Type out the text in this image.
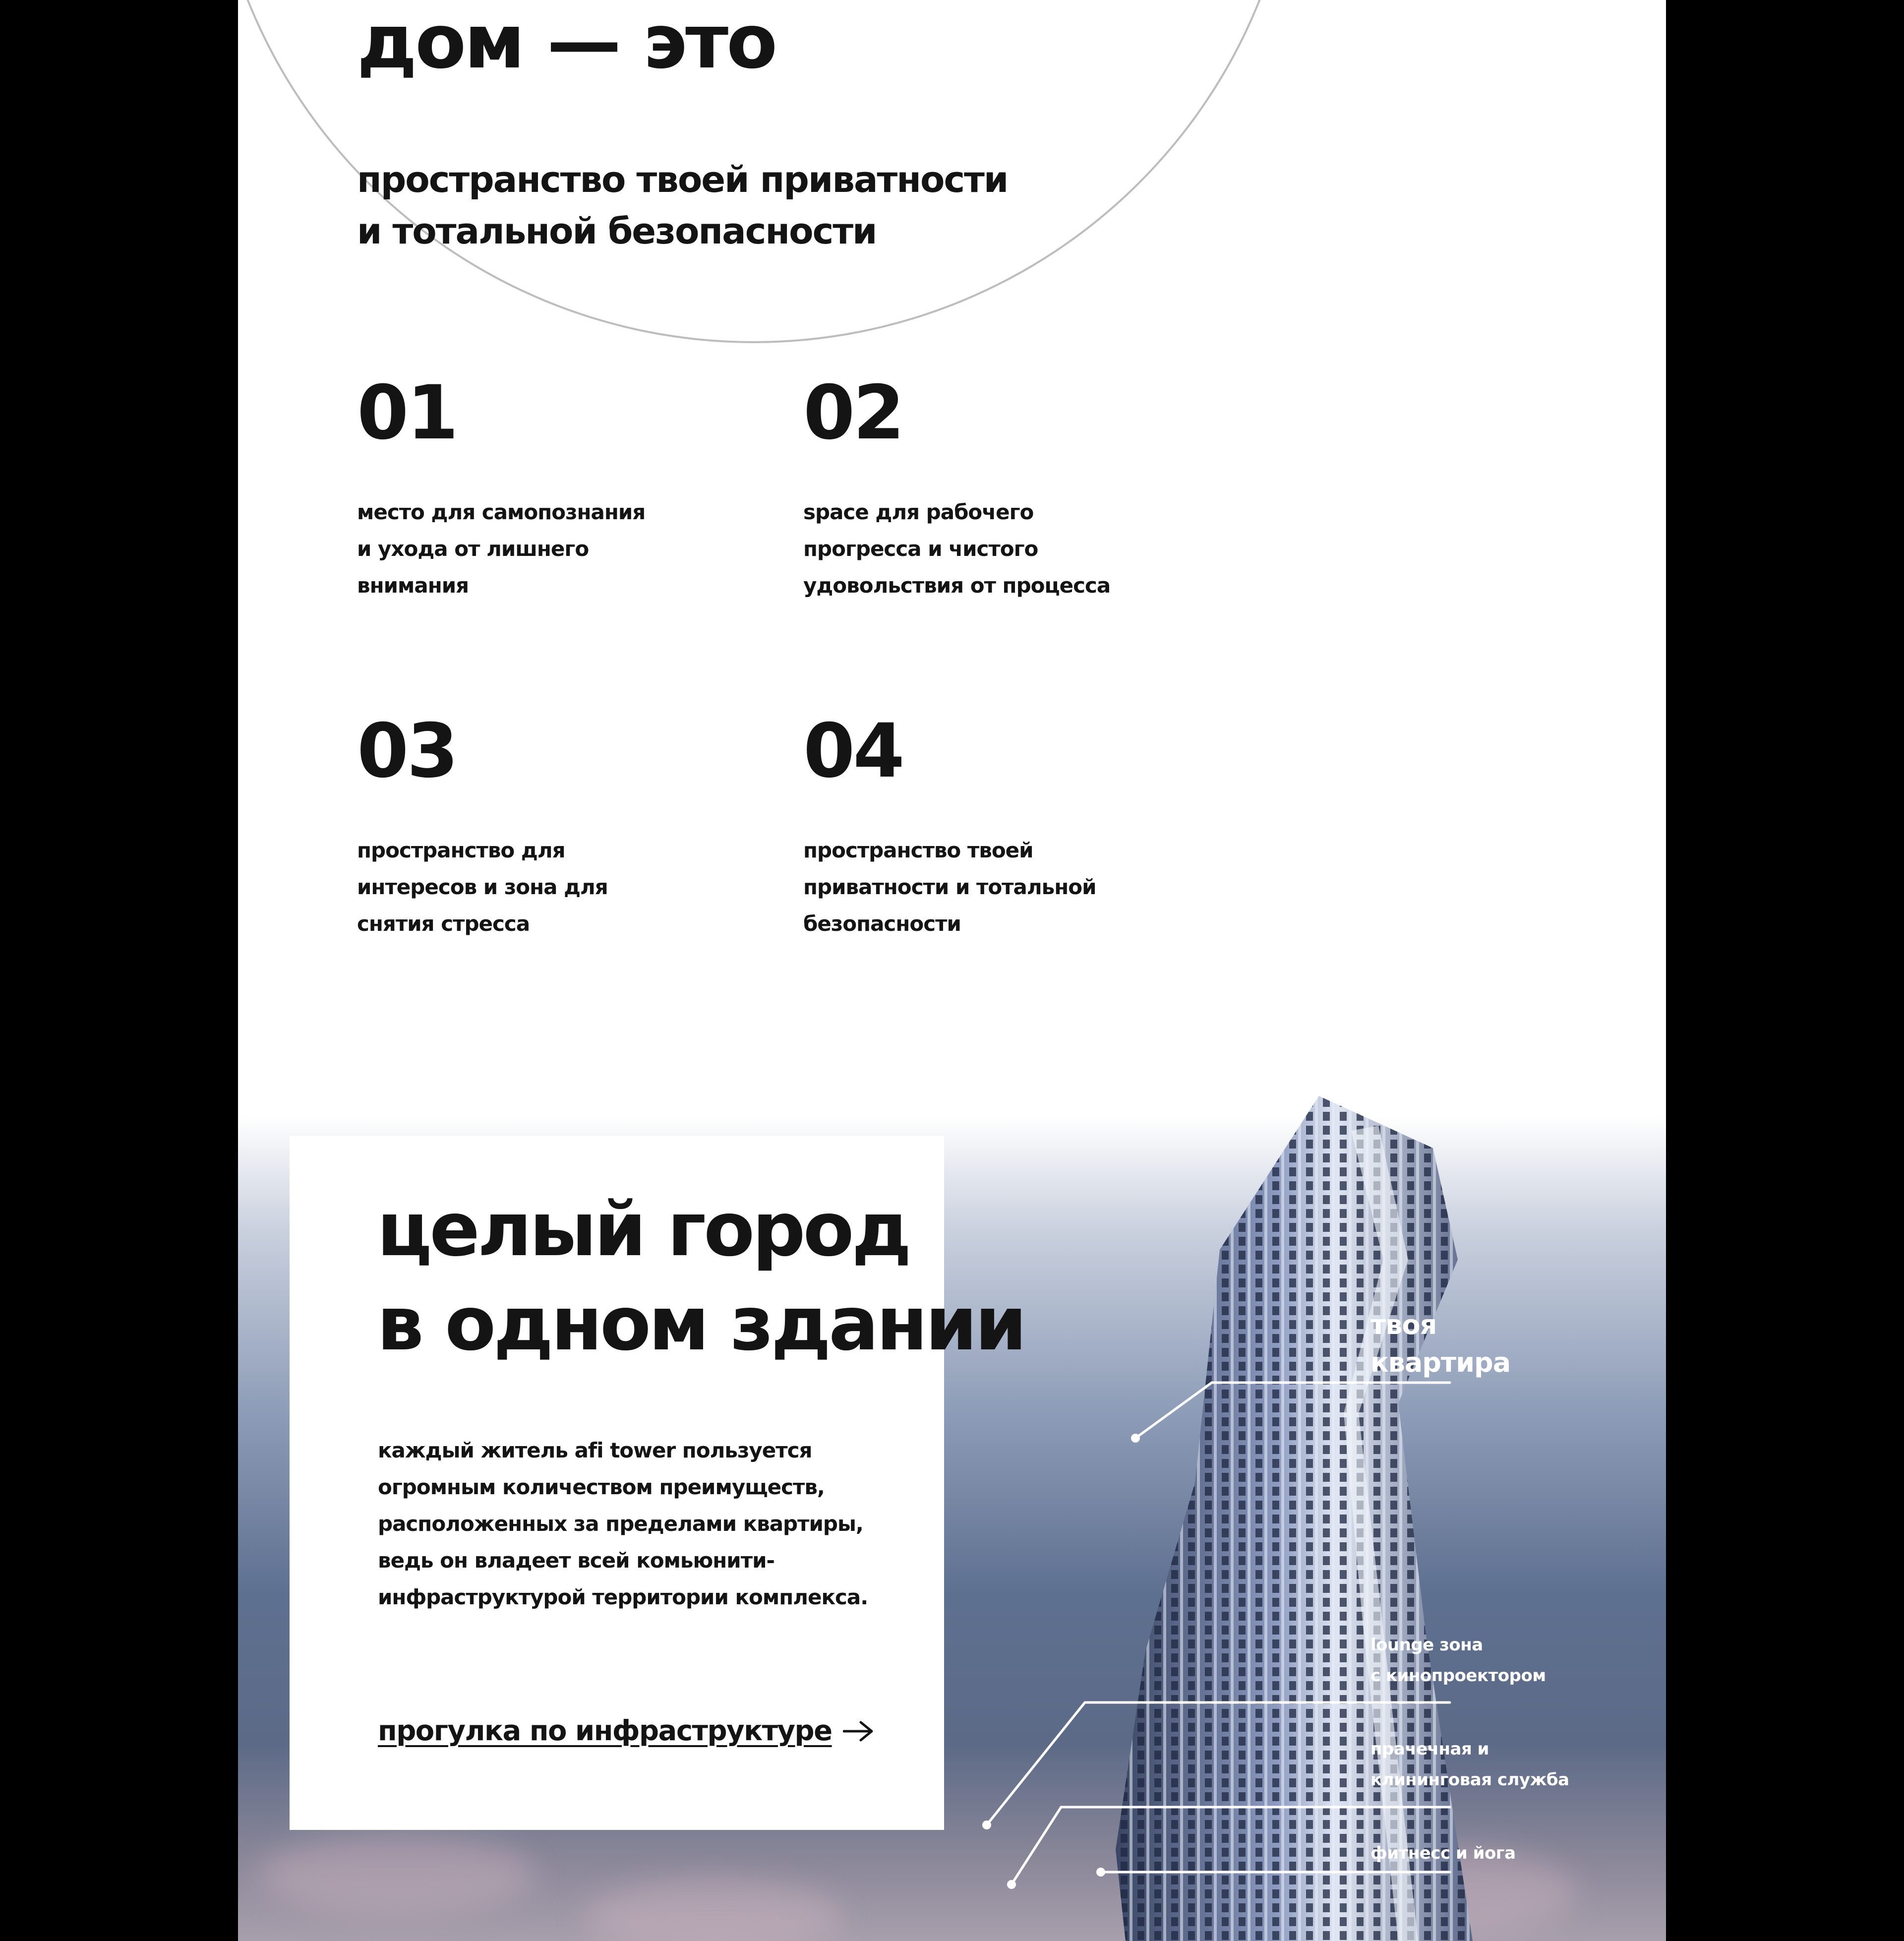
дом — это
пространство твоей приватности
и тотальной безопасности
01
место для самопознания
и ухода от лишнего
внимания
02
space для рабочего
прогресса и чистого
удовольствия от процесса
03
пространство для
интересов и зона для
снятия стресса
04
пространство твоей
приватности и тотальной
безопасности
целый город
в одном здании
каждый житель afi tower пользуется
огромным количеством преимуществ,
расположенных за пределами квартиры,
ведь он владеет всей комьюнити-
инфраструктурой территории комплекса.
прогулка по инфраструктуре
твоя
квартира
lounge зона
с кинопроектором
прачечная и
клининговая служба
фитнесс и йога
